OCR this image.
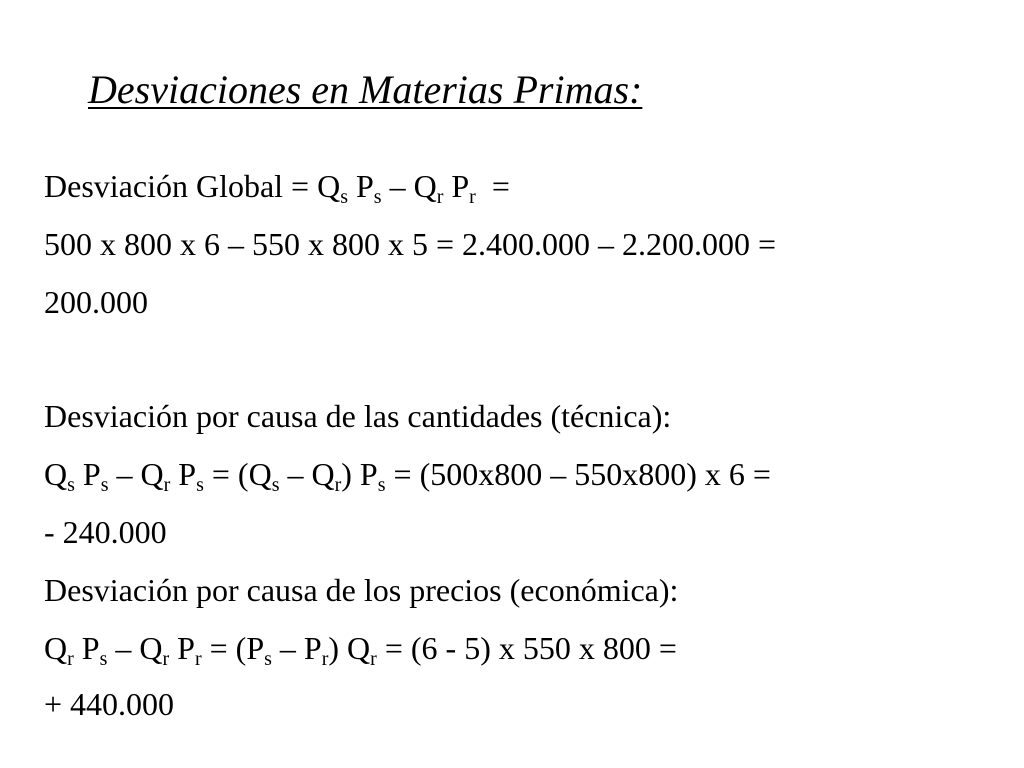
Desviaciones en Materias Primas:
Desviación Global = $Q_s$ $P_s - Q_r$ $P_r$  =
500 x 800 x 6 – 550 x 800 x 5 = 2.400.000 – 2.200.000 =
200.000
Desviación por causa de las cantidades (técnica):
$Q_s$ $P_s - Q_r$ $P_s = (Q_s - Q_r) P_s = (500x800 - 550x800)$ x 6 =
- 240.000
Desviación por causa de los precios (económica):
$Q_r$ $P_s - Q_r$ $P_r = (P_s - P_r) Q_r = (6 - 5)$ x 550 x 800 =
+ 440.000
